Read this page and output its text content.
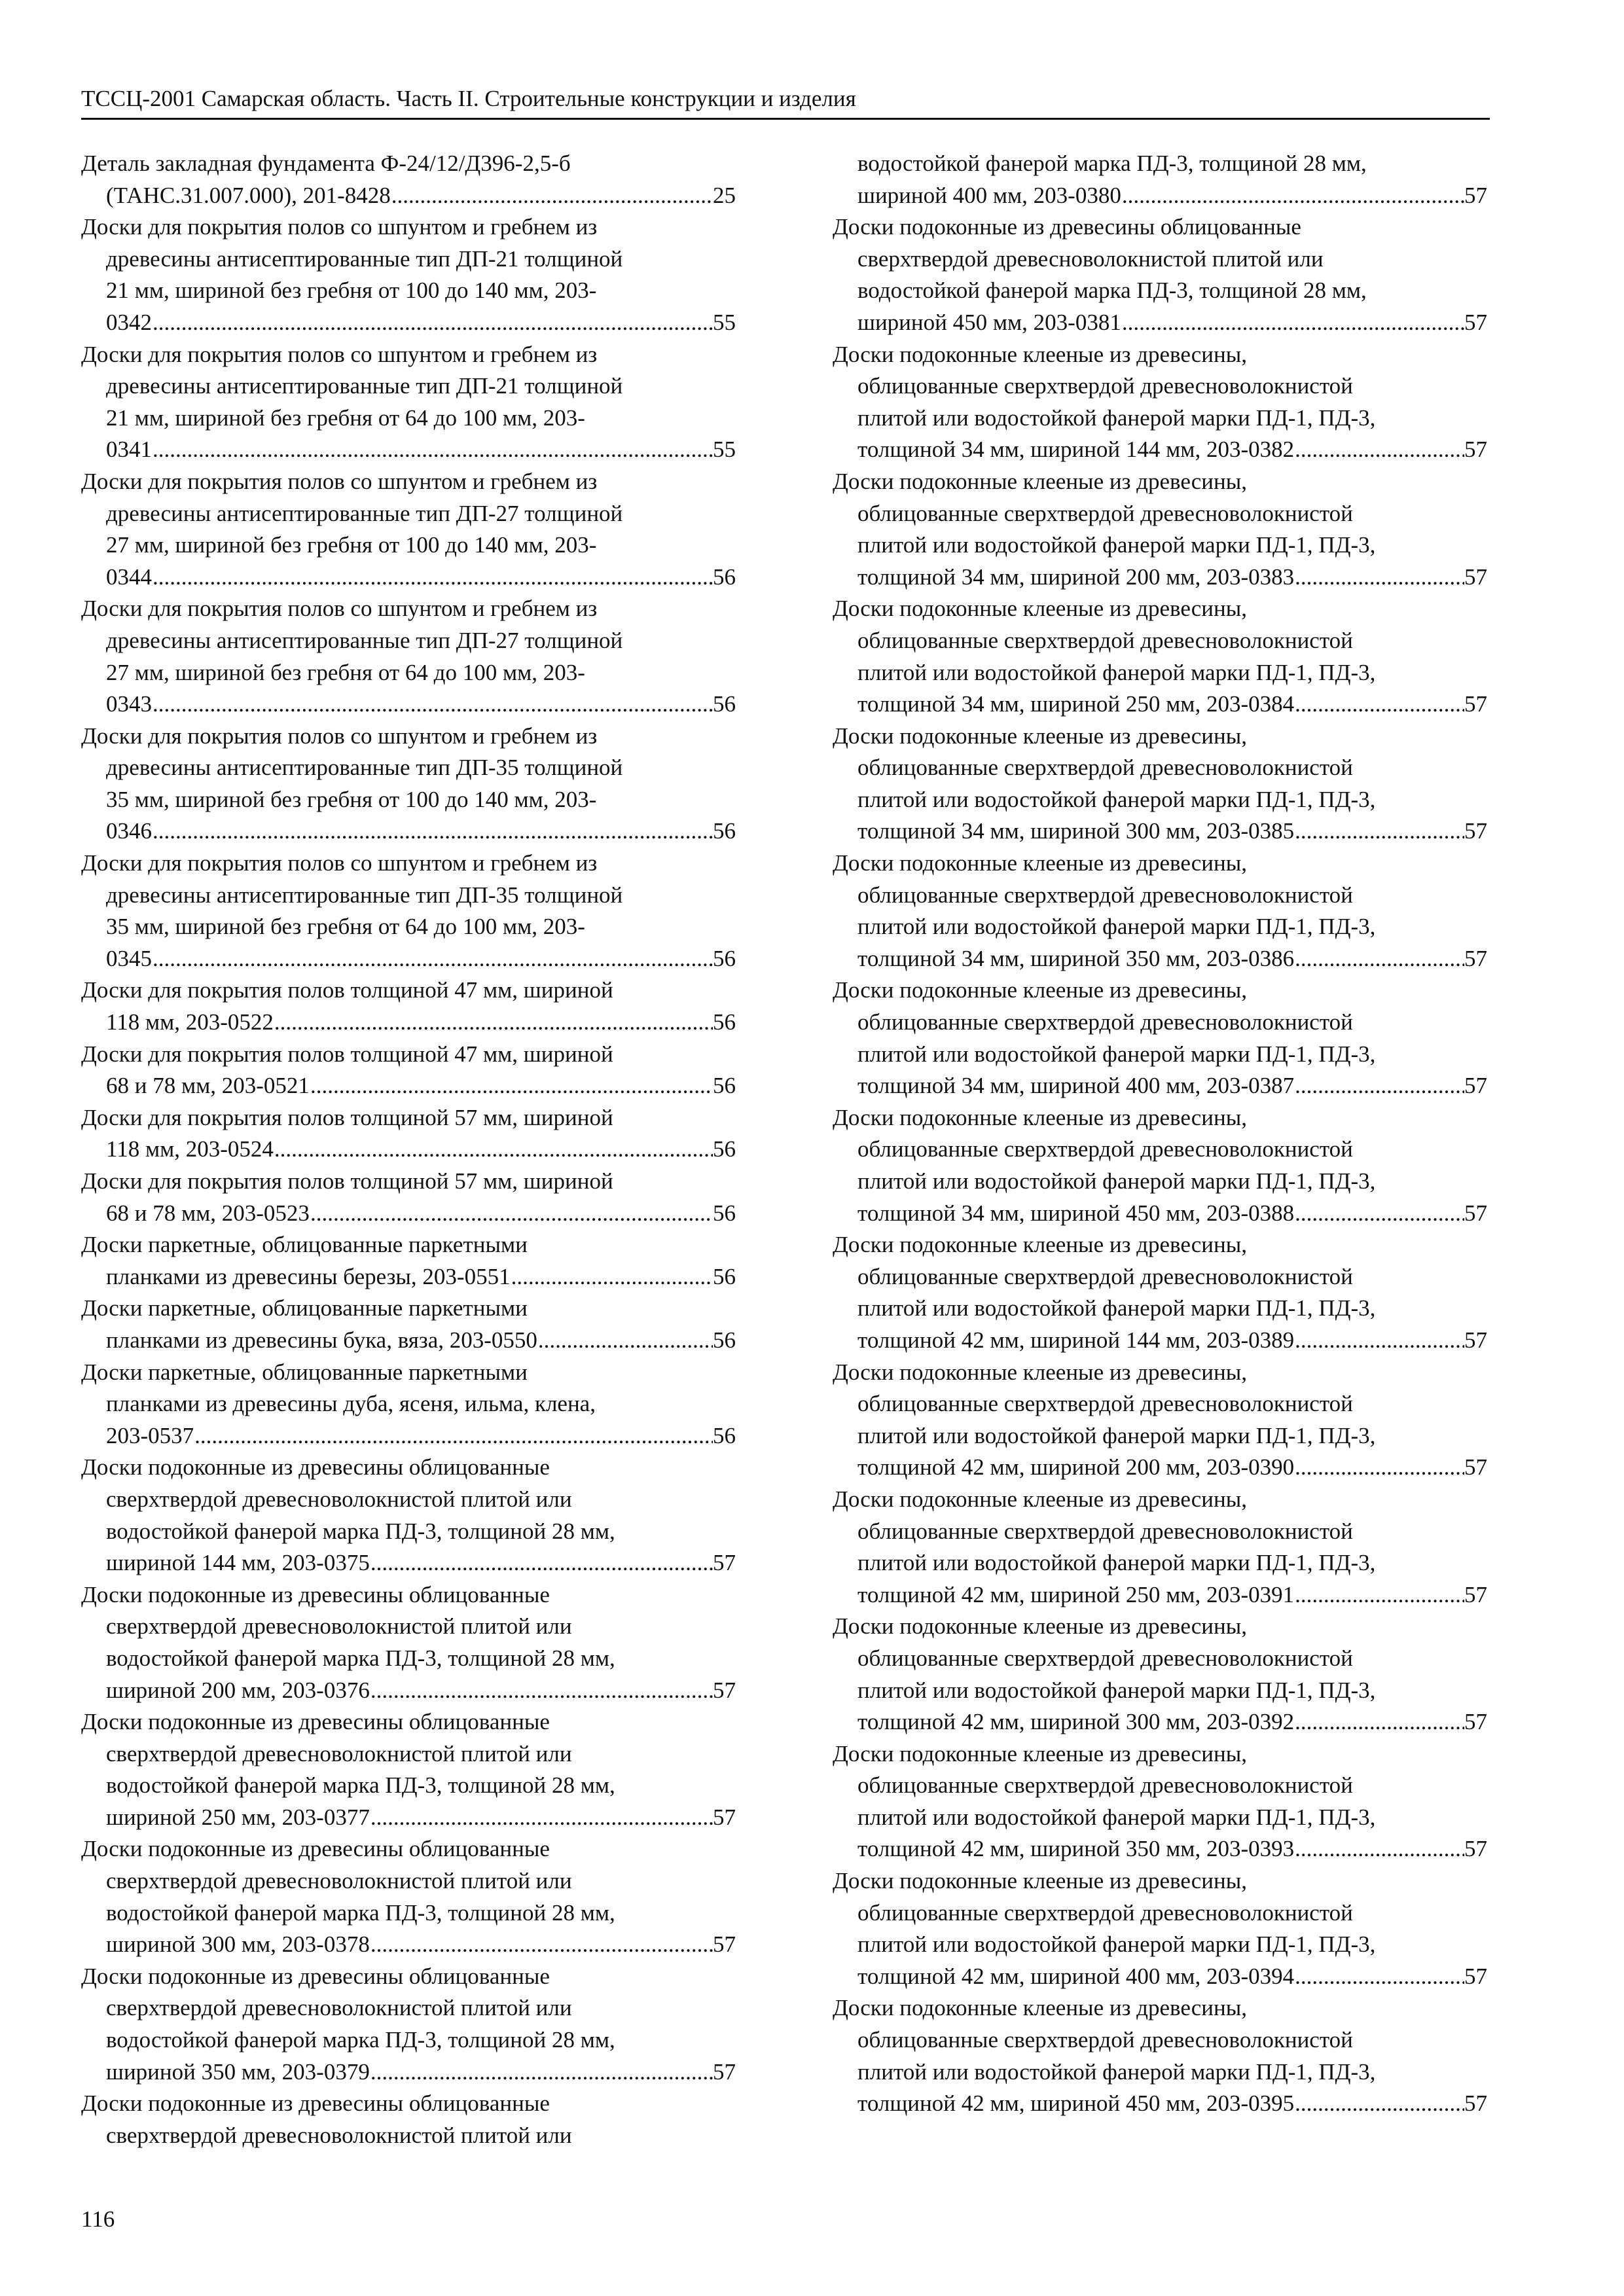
ТССЦ-2001 Самарская область. Часть II. Строительные конструкции и изделия
Деталь закладная фундамента Ф-24/12/Д396-2,5-б
(ТАНС.31.007.000), 201-8428 .....	25
Доски для покрытия полов со шпунтом и гребнем из
древесины антисептированные тип ДП-21 толщиной
21 мм, шириной без гребня от 100 до 140 мм, 203-
0342 .....	55
Доски для покрытия полов со шпунтом и гребнем из
древесины антисептированные тип ДП-21 толщиной
21 мм, шириной без гребня от 64 до 100 мм, 203-
0341 .....	55
Доски для покрытия полов со шпунтом и гребнем из
древесины антисептированные тип ДП-27 толщиной
27 мм, шириной без гребня от 100 до 140 мм, 203-
0344 .....	56
Доски для покрытия полов со шпунтом и гребнем из
древесины антисептированные тип ДП-27 толщиной
27 мм, шириной без гребня от 64 до 100 мм, 203-
0343 .....	56
Доски для покрытия полов со шпунтом и гребнем из
древесины антисептированные тип ДП-35 толщиной
35 мм, шириной без гребня от 100 до 140 мм, 203-
0346 .....	56
Доски для покрытия полов со шпунтом и гребнем из
древесины антисептированные тип ДП-35 толщиной
35 мм, шириной без гребня от 64 до 100 мм, 203-
0345 .....	56
Доски для покрытия полов толщиной 47 мм, шириной
118 мм, 203-0522 .....	56
Доски для покрытия полов толщиной 47 мм, шириной
68 и 78 мм, 203-0521 .....	56
Доски для покрытия полов толщиной 57 мм, шириной
118 мм, 203-0524 .....	56
Доски для покрытия полов толщиной 57 мм, шириной
68 и 78 мм, 203-0523 .....	56
Доски паркетные, облицованные паркетными
планками из древесины березы, 203-0551 .....	56
Доски паркетные, облицованные паркетными
планками из древесины бука, вяза, 203-0550 .....	56
Доски паркетные, облицованные паркетными
планками из древесины дуба, ясеня, ильма, клена,
203-0537 .....	56
Доски подоконные из древесины облицованные
сверхтвердой древесноволокнистой плитой или
водостойкой фанерой марка ПД-3, толщиной 28 мм,
шириной 144 мм, 203-0375 .....	57
Доски подоконные из древесины облицованные
сверхтвердой древесноволокнистой плитой или
водостойкой фанерой марка ПД-3, толщиной 28 мм,
шириной 200 мм, 203-0376 .....	57
Доски подоконные из древесины облицованные
сверхтвердой древесноволокнистой плитой или
водостойкой фанерой марка ПД-3, толщиной 28 мм,
шириной 250 мм, 203-0377 .....	57
Доски подоконные из древесины облицованные
сверхтвердой древесноволокнистой плитой или
водостойкой фанерой марка ПД-3, толщиной 28 мм,
шириной 300 мм, 203-0378 .....	57
Доски подоконные из древесины облицованные
сверхтвердой древесноволокнистой плитой или
водостойкой фанерой марка ПД-3, толщиной 28 мм,
шириной 350 мм, 203-0379 .....	57
Доски подоконные из древесины облицованные
сверхтвердой древесноволокнистой плитой или
водостойкой фанерой марка ПД-3, толщиной 28 мм,
шириной 400 мм, 203-0380 .....	57
Доски подоконные из древесины облицованные
сверхтвердой древесноволокнистой плитой или
водостойкой фанерой марка ПД-3, толщиной 28 мм,
шириной 450 мм, 203-0381 .....	57
Доски подоконные клееные из древесины,
облицованные сверхтвердой древесноволокнистой
плитой или водостойкой фанерой марки ПД-1, ПД-3,
толщиной 34 мм, шириной 144 мм, 203-0382 .....	57
Доски подоконные клееные из древесины,
облицованные сверхтвердой древесноволокнистой
плитой или водостойкой фанерой марки ПД-1, ПД-3,
толщиной 34 мм, шириной 200 мм, 203-0383 .....	57
Доски подоконные клееные из древесины,
облицованные сверхтвердой древесноволокнистой
плитой или водостойкой фанерой марки ПД-1, ПД-3,
толщиной 34 мм, шириной 250 мм, 203-0384 .....	57
Доски подоконные клееные из древесины,
облицованные сверхтвердой древесноволокнистой
плитой или водостойкой фанерой марки ПД-1, ПД-3,
толщиной 34 мм, шириной 300 мм, 203-0385 .....	57
Доски подоконные клееные из древесины,
облицованные сверхтвердой древесноволокнистой
плитой или водостойкой фанерой марки ПД-1, ПД-3,
толщиной 34 мм, шириной 350 мм, 203-0386 .....	57
Доски подоконные клееные из древесины,
облицованные сверхтвердой древесноволокнистой
плитой или водостойкой фанерой марки ПД-1, ПД-3,
толщиной 34 мм, шириной 400 мм, 203-0387 .....	57
Доски подоконные клееные из древесины,
облицованные сверхтвердой древесноволокнистой
плитой или водостойкой фанерой марки ПД-1, ПД-3,
толщиной 34 мм, шириной 450 мм, 203-0388 .....	57
Доски подоконные клееные из древесины,
облицованные сверхтвердой древесноволокнистой
плитой или водостойкой фанерой марки ПД-1, ПД-3,
толщиной 42 мм, шириной 144 мм, 203-0389 .....	57
Доски подоконные клееные из древесины,
облицованные сверхтвердой древесноволокнистой
плитой или водостойкой фанерой марки ПД-1, ПД-3,
толщиной 42 мм, шириной 200 мм, 203-0390 .....	57
Доски подоконные клееные из древесины,
облицованные сверхтвердой древесноволокнистой
плитой или водостойкой фанерой марки ПД-1, ПД-3,
толщиной 42 мм, шириной 250 мм, 203-0391 .....	57
Доски подоконные клееные из древесины,
облицованные сверхтвердой древесноволокнистой
плитой или водостойкой фанерой марки ПД-1, ПД-3,
толщиной 42 мм, шириной 300 мм, 203-0392 .....	57
Доски подоконные клееные из древесины,
облицованные сверхтвердой древесноволокнистой
плитой или водостойкой фанерой марки ПД-1, ПД-3,
толщиной 42 мм, шириной 350 мм, 203-0393 .....	57
Доски подоконные клееные из древесины,
облицованные сверхтвердой древесноволокнистой
плитой или водостойкой фанерой марки ПД-1, ПД-3,
толщиной 42 мм, шириной 400 мм, 203-0394 .....	57
Доски подоконные клееные из древесины,
облицованные сверхтвердой древесноволокнистой
плитой или водостойкой фанерой марки ПД-1, ПД-3,
толщиной 42 мм, шириной 450 мм, 203-0395 .....	57
116
